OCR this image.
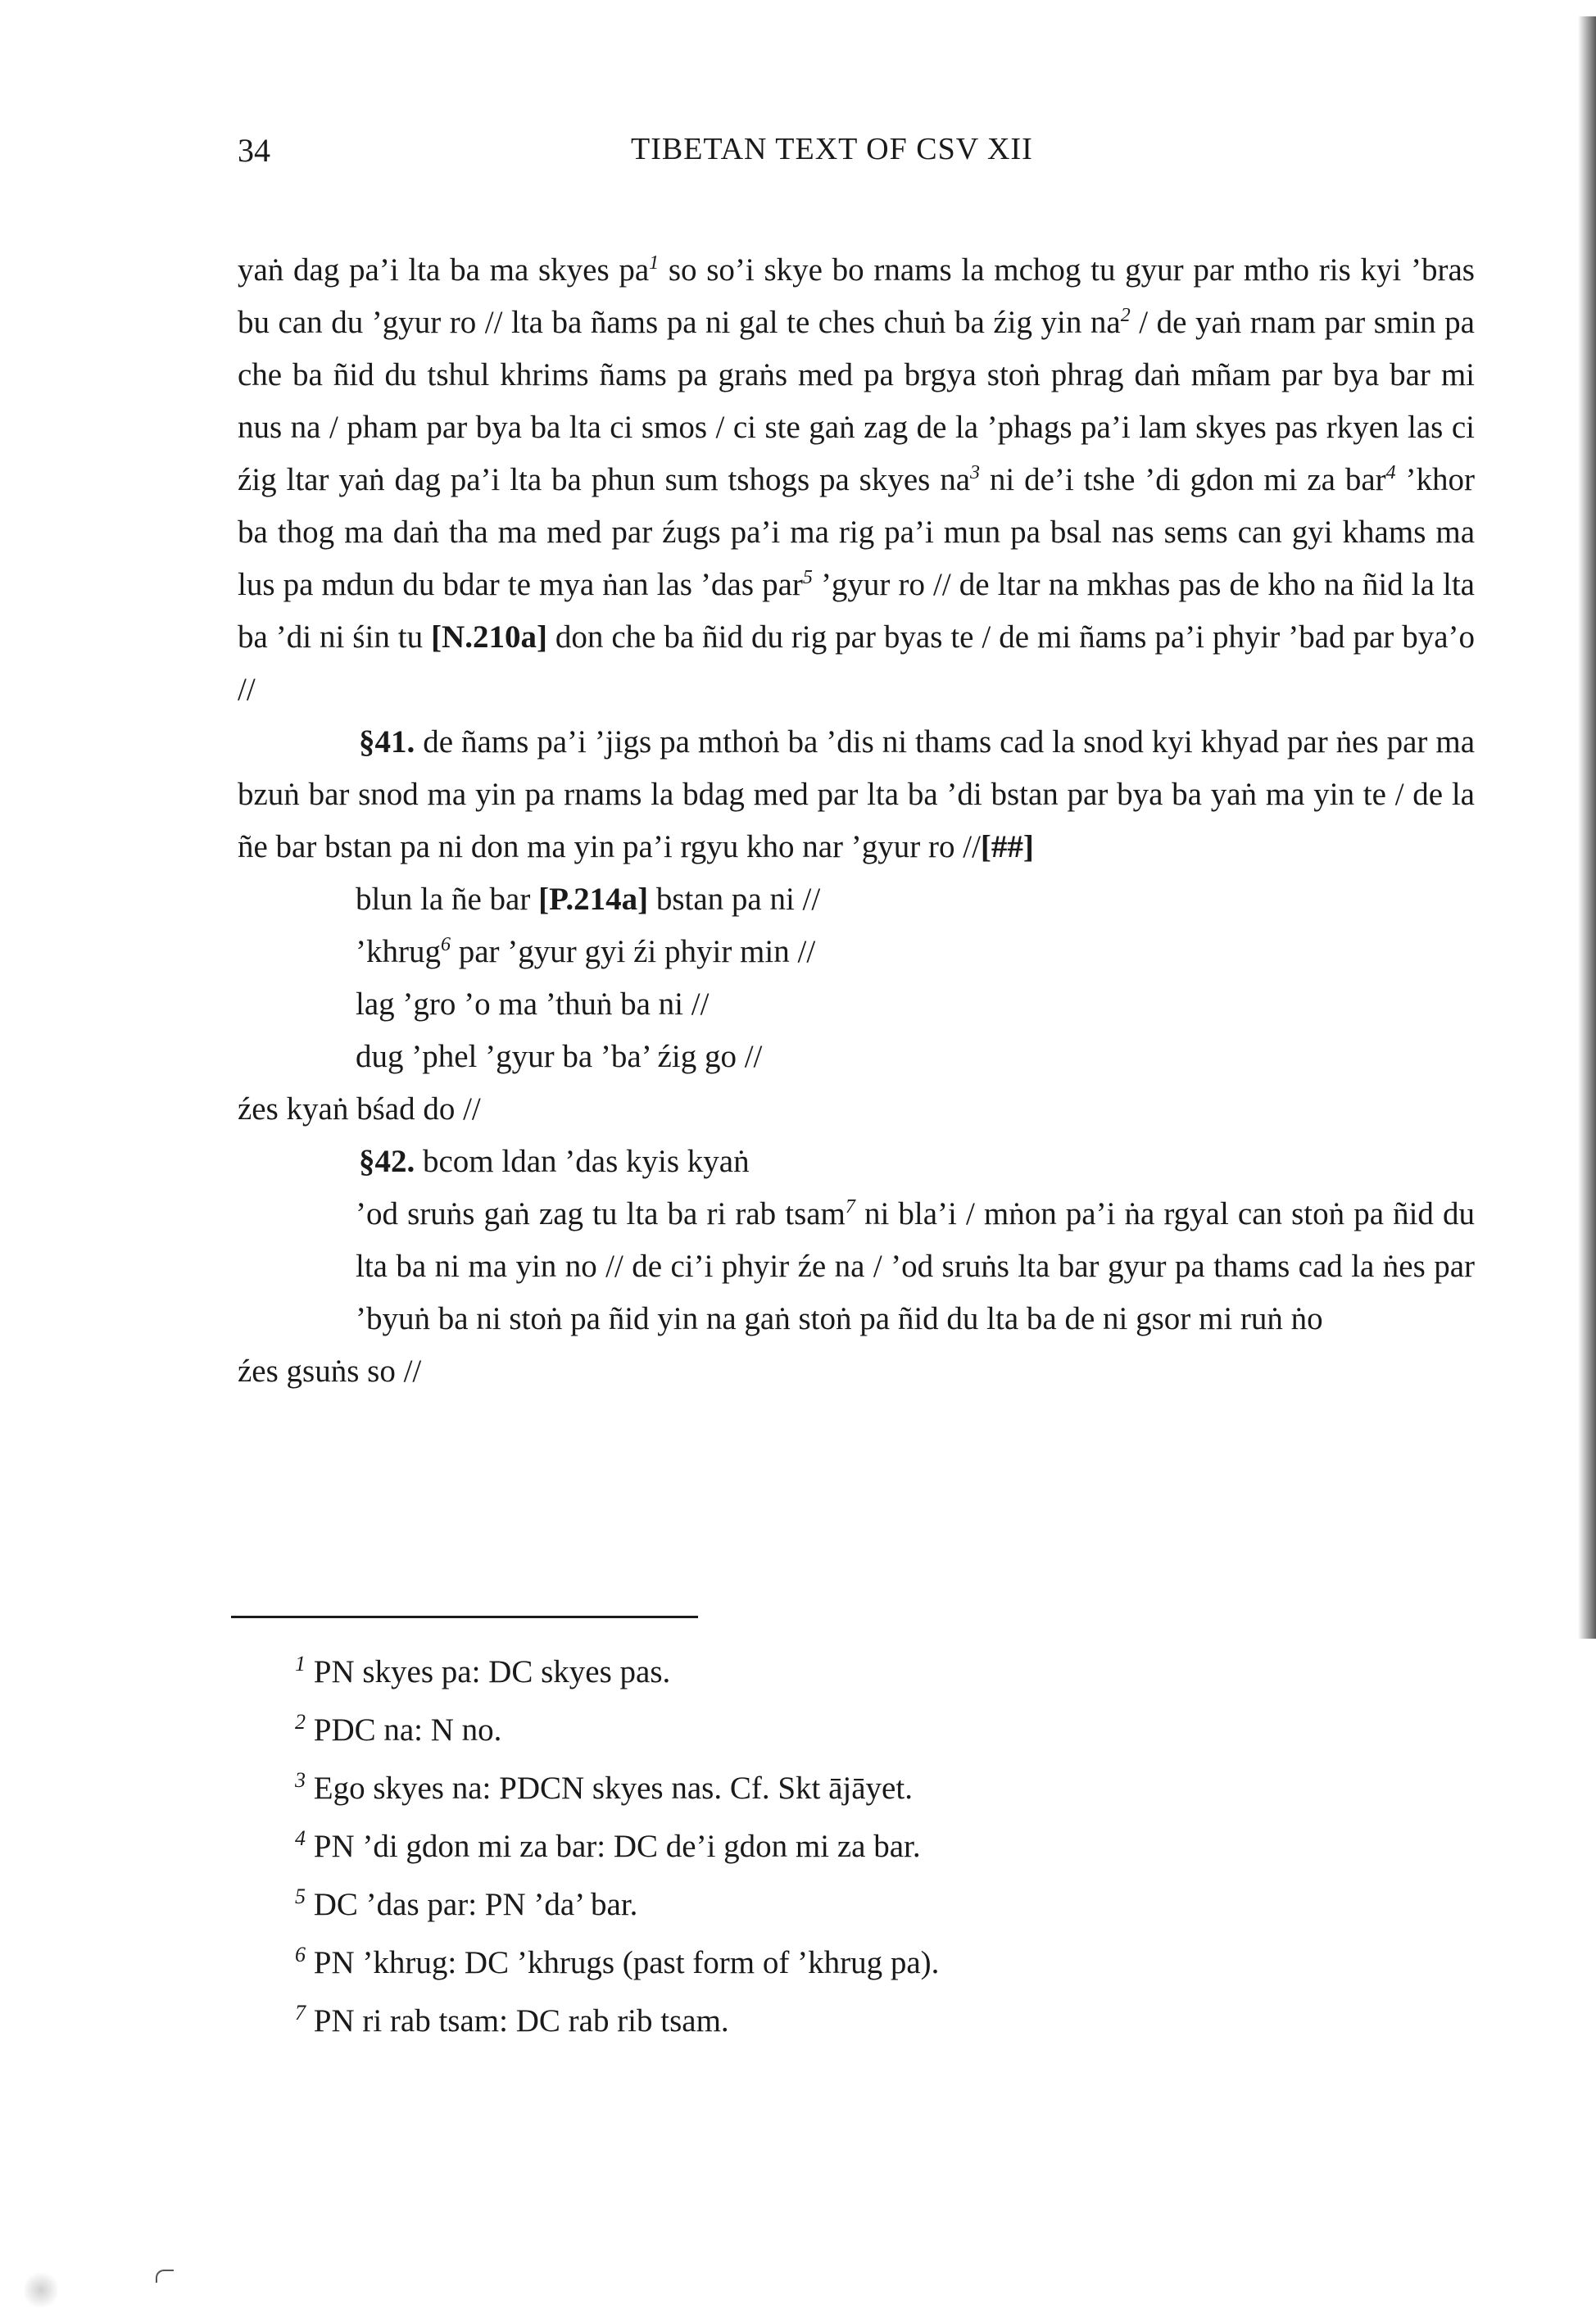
34	TIBETAN TEXT OF CSV XII

yaṅ dag pa’i lta ba ma skyes $pa^1$ so so’i skye bo rnams la mchog tu gyur par mtho ris kyi ’bras bu can du ’gyur ro // lta ba ñams pa ni gal te ches chuṅ ba źig yin $na^2$ / de yaṅ rnam par smin pa che ba ñid du tshul khrims ñams pa graṅs med pa brgya stoṅ phrag daṅ mñam par bya bar mi nus na / pham par bya ba lta ci smos / ci ste gaṅ zag de la ’phags pa’i lam skyes pas rkyen las ci źig ltar yaṅ dag pa’i lta ba phun sum tshogs pa skyes $na^3$ ni de’i tshe ’di gdon mi za bar$^4$ ’khor ba thog ma daṅ tha ma med par źugs pa’i ma rig pa’i mun pa bsal nas sems can gyi khams ma lus pa mdun du bdar te mya ṅan las ’das par$^5$ ’gyur ro // de ltar na mkhas pas de kho na ñid la lta ba ’di ni śin tu [N.210a] don che ba ñid du rig par byas te / de mi ñams pa’i phyir ’bad par bya’o //

§41. de ñams pa’i ’jigs pa mthoṅ ba ’dis ni thams cad la snod kyi khyad par ṅes par ma bzuṅ bar snod ma yin pa rnams la bdag med par lta ba ’di bstan par bya ba yaṅ ma yin te / de la ñe bar bstan pa ni don ma yin pa’i rgyu kho nar ’gyur ro //[##]

blun la ñe bar [P.214a] bstan pa ni //
’khrug$^6$ par ’gyur gyi źi phyir min //
lag ’gro ’o ma ’thuṅ ba ni //
dug ’phel ’gyur ba ’ba’ źig go //

źes kyaṅ bśad do //

§42. bcom ldan ’das kyis kyaṅ

’od sruṅs gaṅ zag tu lta ba ri rab tsam$^7$ ni bla’i / mṅon pa’i ṅa rgyal can stoṅ pa ñid du lta ba ni ma yin no // de ci’i phyir źe na / ’od sruṅs lta bar gyur pa thams cad la ṅes par ’byuṅ ba ni stoṅ pa ñid yin na gaṅ stoṅ pa ñid du lta ba de ni gsor mi ruṅ ṅo

źes gsuṅs so //

$^1$ PN skyes pa: DC skyes pas.

$^2$ PDC na: N no.

$^3$ Ego skyes na: PDCN skyes nas. Cf. Skt ājāyet.

$^4$ PN ’di gdon mi za bar: DC de’i gdon mi za bar.

$^5$ DC ’das par: PN ’da’ bar.

$^6$ PN ’khrug: DC ’khrugs (past form of ’khrug pa).

$^7$ PN ri rab tsam: DC rab rib tsam.
